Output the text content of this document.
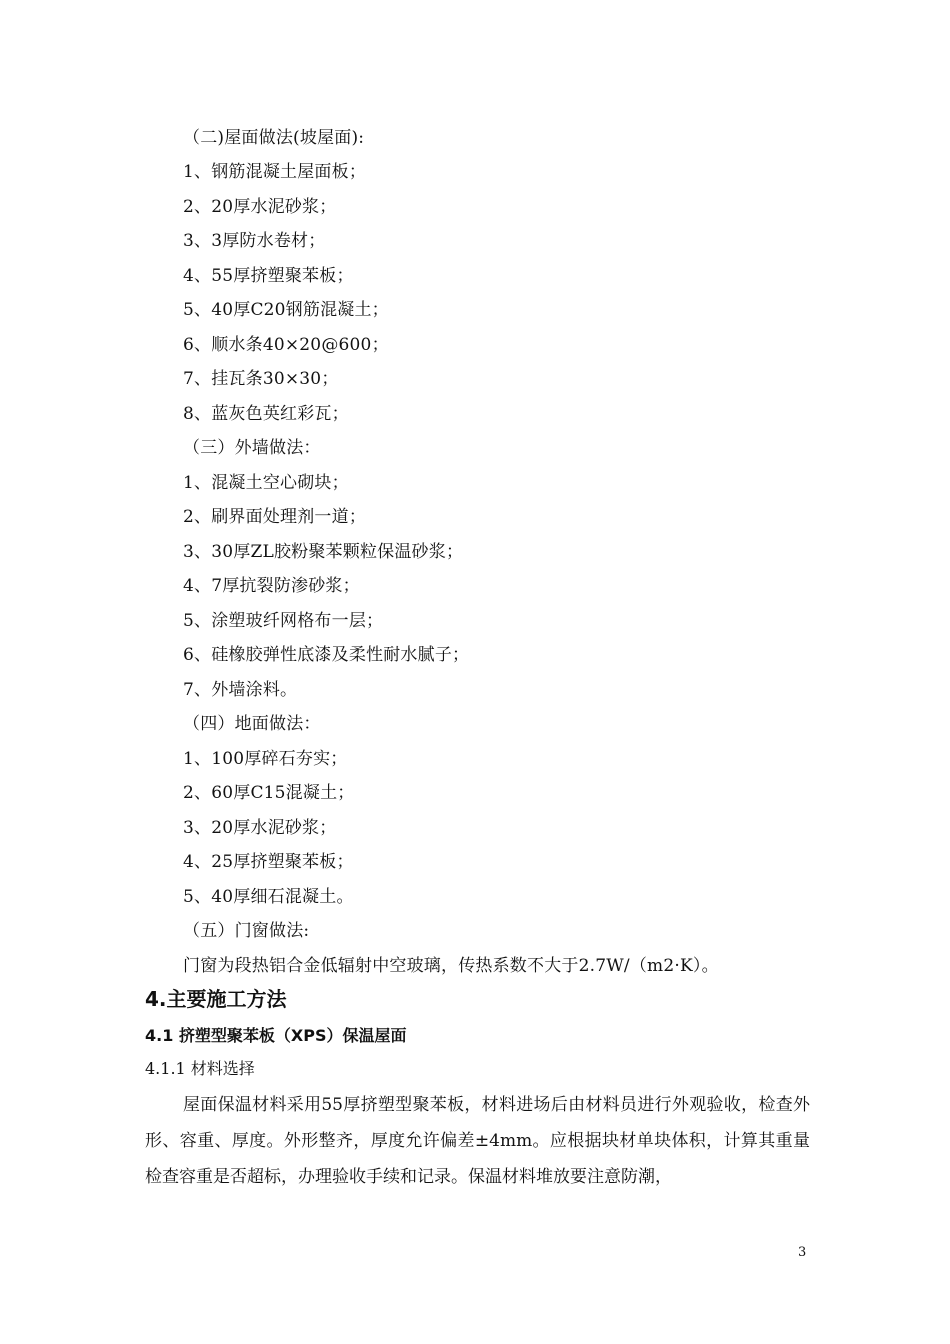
（二)屋面做法(坡屋面):
1、钢筋混凝土屋面板；
2、20厚水泥砂浆；
3、3厚防水卷材；
4、55厚挤塑聚苯板；
5、40厚C20钢筋混凝土；
6、顺水条40×20@600；
7、挂瓦条30×30；
8、蓝灰色英红彩瓦；
（三）外墙做法：
1、混凝土空心砌块；
2、刷界面处理剂一道；
3、30厚ZL胶粉聚苯颗粒保温砂浆；
4、7厚抗裂防渗砂浆；
5、涂塑玻纤网格布一层；
6、硅橡胶弹性底漆及柔性耐水腻子；
7、外墙涂料。
（四）地面做法：
1、100厚碎石夯实；
2、60厚C15混凝土；
3、20厚水泥砂浆；
4、25厚挤塑聚苯板；
5、40厚细石混凝土。
（五）门窗做法:
门窗为段热铝合金低辐射中空玻璃，传热系数不大于2.7W/（m2·K）。
4.主要施工方法
4.1 挤塑型聚苯板（XPS）保温屋面
4.1.1 材料选择
屋面保温材料采用55厚挤塑型聚苯板，材料进场后由材料员进行外观验收，检查外形、容重、厚度。外形整齐，厚度允许偏差±4mm。应根据块材单块体积，计算其重量检查容重是否超标，办理验收手续和记录。保温材料堆放要注意防潮，
3
